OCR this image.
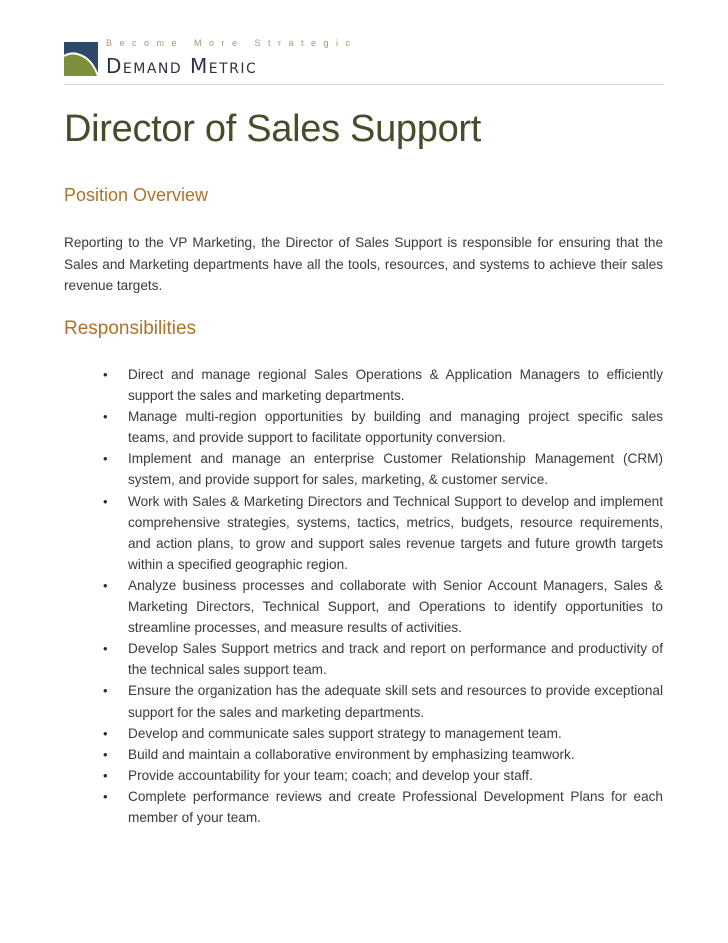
Become More Strategic
Demand Metric
Director of Sales Support
Position Overview
Reporting to the VP Marketing, the Director of Sales Support is responsible for ensuring that the Sales and Marketing departments have all the tools, resources, and systems to achieve their sales revenue targets.
Responsibilities
• Direct and manage regional Sales Operations & Application Managers to efficiently support the sales and marketing departments.
• Manage multi-region opportunities by building and managing project specific sales teams, and provide support to facilitate opportunity conversion.
• Implement and manage an enterprise Customer Relationship Management (CRM) system, and provide support for sales, marketing, & customer service.
• Work with Sales & Marketing Directors and Technical Support to develop and implement comprehensive strategies, systems, tactics, metrics, budgets, resource requirements, and action plans, to grow and support sales revenue targets and future growth targets within a specified geographic region.
• Analyze business processes and collaborate with Senior Account Managers, Sales & Marketing Directors, Technical Support, and Operations to identify opportunities to streamline processes, and measure results of activities.
• Develop Sales Support metrics and track and report on performance and productivity of the technical sales support team.
• Ensure the organization has the adequate skill sets and resources to provide exceptional support for the sales and marketing departments.
• Develop and communicate sales support strategy to management team.
• Build and maintain a collaborative environment by emphasizing teamwork.
• Provide accountability for your team; coach; and develop your staff.
• Complete performance reviews and create Professional Development Plans for each member of your team.
